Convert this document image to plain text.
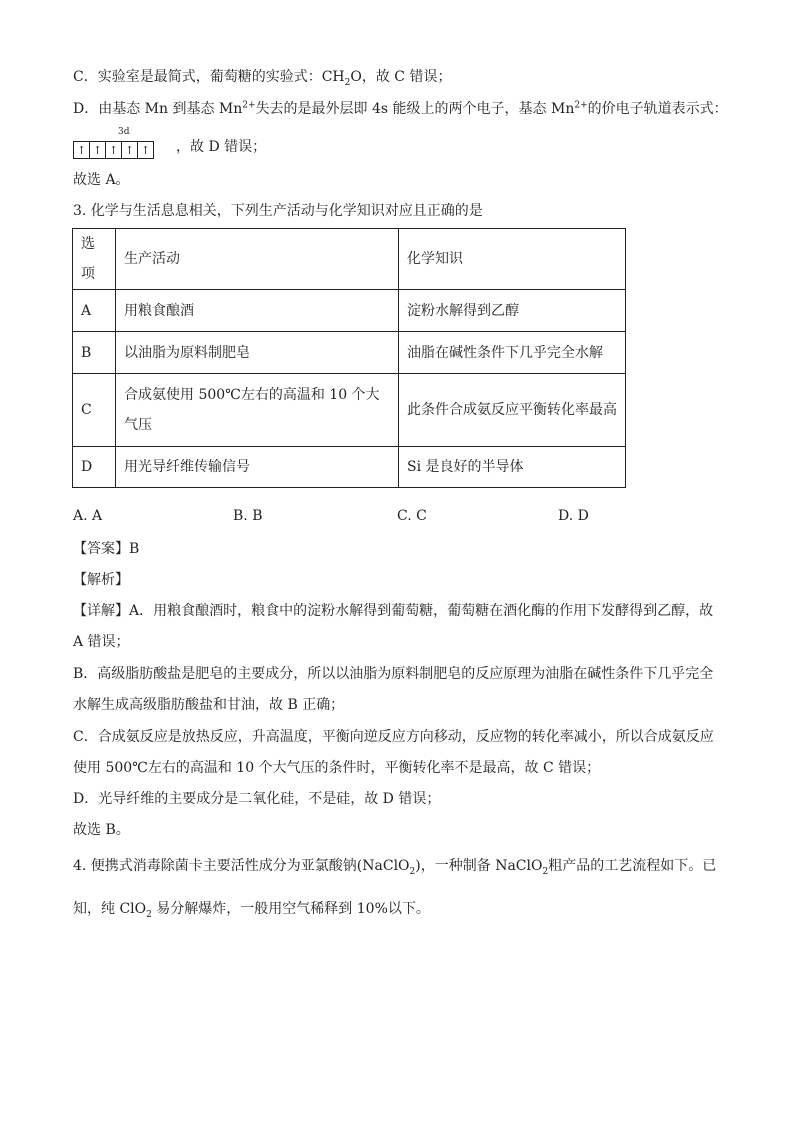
C．实验室是最简式，葡萄糖的实验式：$CH_2O$，故 C 错误；
D．由基态 Mn 到基态 $Mn^{2+}$失去的是最外层即 4s 能级上的两个电子，基态 $Mn^{2+}$的价电子轨道表示式：
3d
↑ ↑ ↑ ↑ ↑ ，故 D 错误；
故选 A。
3. 化学与生活息息相关，下列生产活动与化学知识对应且正确的是
选项	生产活动	化学知识
A	用粮食酿酒	淀粉水解得到乙醇
B	以油脂为原料制肥皂	油脂在碱性条件下几乎完全水解
C	合成氨使用 500℃左右的高温和 10 个大气压	此条件合成氨反应平衡转化率最高
D	用光导纤维传输信号	Si 是良好的半导体
A. A	B. B	C. C	D. D
【答案】B
【解析】
【详解】A．用粮食酿酒时，粮食中的淀粉水解得到葡萄糖，葡萄糖在酒化酶的作用下发酵得到乙醇，故
A 错误；
B．高级脂肪酸盐是肥皂的主要成分，所以以油脂为原料制肥皂的反应原理为油脂在碱性条件下几乎完全
水解生成高级脂肪酸盐和甘油，故 B 正确；
C．合成氨反应是放热反应，升高温度，平衡向逆反应方向移动，反应物的转化率减小，所以合成氨反应
使用 500℃左右的高温和 10 个大气压的条件时，平衡转化率不是最高，故 C 错误；
D．光导纤维的主要成分是二氧化硅，不是硅，故 D 错误；
故选 B。
4. 便携式消毒除菌卡主要活性成分为亚氯酸钠(NaClO$_2$)，一种制备 NaClO$_2$粗产品的工艺流程如下。已
知，纯 ClO$_2$ 易分解爆炸，一般用空气稀释到 10%以下。
